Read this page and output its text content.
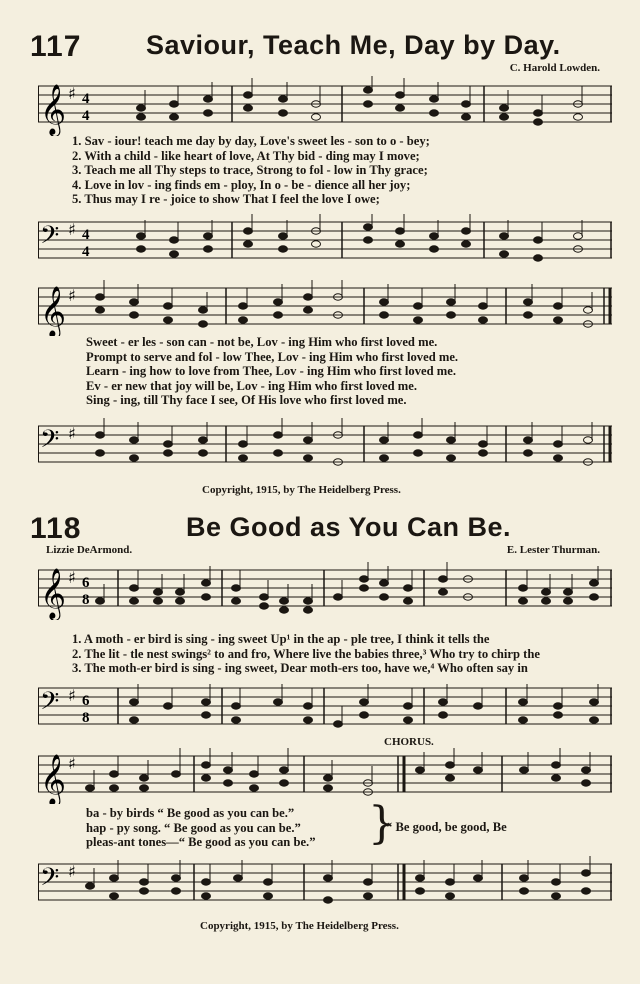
117 Saviour, Teach Me, Day by Day.
C. Harold Lowden.
𝄞 ♯ 4
4
1. Sav - iour! teach me day by day, Love's sweet les - son to o - bey;
2. With a child - like heart of love, At Thy bid - ding may I move;
3. Teach me all Thy steps to trace, Strong to fol - low in Thy grace;
4. Love in lov - ing finds em - ploy, In o - be - dience all her joy;
5. Thus may I re - joice to show That I feel the love I owe;
𝄢 ♯ 4
4
𝄞 ♯
Sweet - er les - son can - not be, Lov - ing Him who first loved me.
Prompt to serve and fol - low Thee, Lov - ing Him who first loved me.
Learn - ing how to love from Thee, Lov - ing Him who first loved me.
Ev - er new that joy will be, Lov - ing Him who first loved me.
Sing - ing, till Thy face I see, Of His love who first loved me.
𝄢 ♯
Copyright, 1915, by The Heidelberg Press.
118	Be Good as You Can Be.
Lizzie DeArmond.	E. Lester Thurman.
𝄞 ♯ 6
8
1. A moth - er bird is sing - ing sweet Up¹ in the ap - ple tree, I think it tells the
2. The lit - tle nest swings² to and fro, Where live the babies three,³ Who try to chirp the
3. The moth-er bird is sing - ing sweet, Dear moth-ers too, have we,⁴ Who often say in
𝄢 ♯ 6
8
CHORUS.
𝄞 ♯
ba - by birds “ Be good as you can be.”
hap - py song. “ Be good as you can be.”
pleas-ant tones—“ Be good as you can be.” }
“ Be good, be good, Be
𝄢 ♯
Copyright, 1915, by The Heidelberg Press.
